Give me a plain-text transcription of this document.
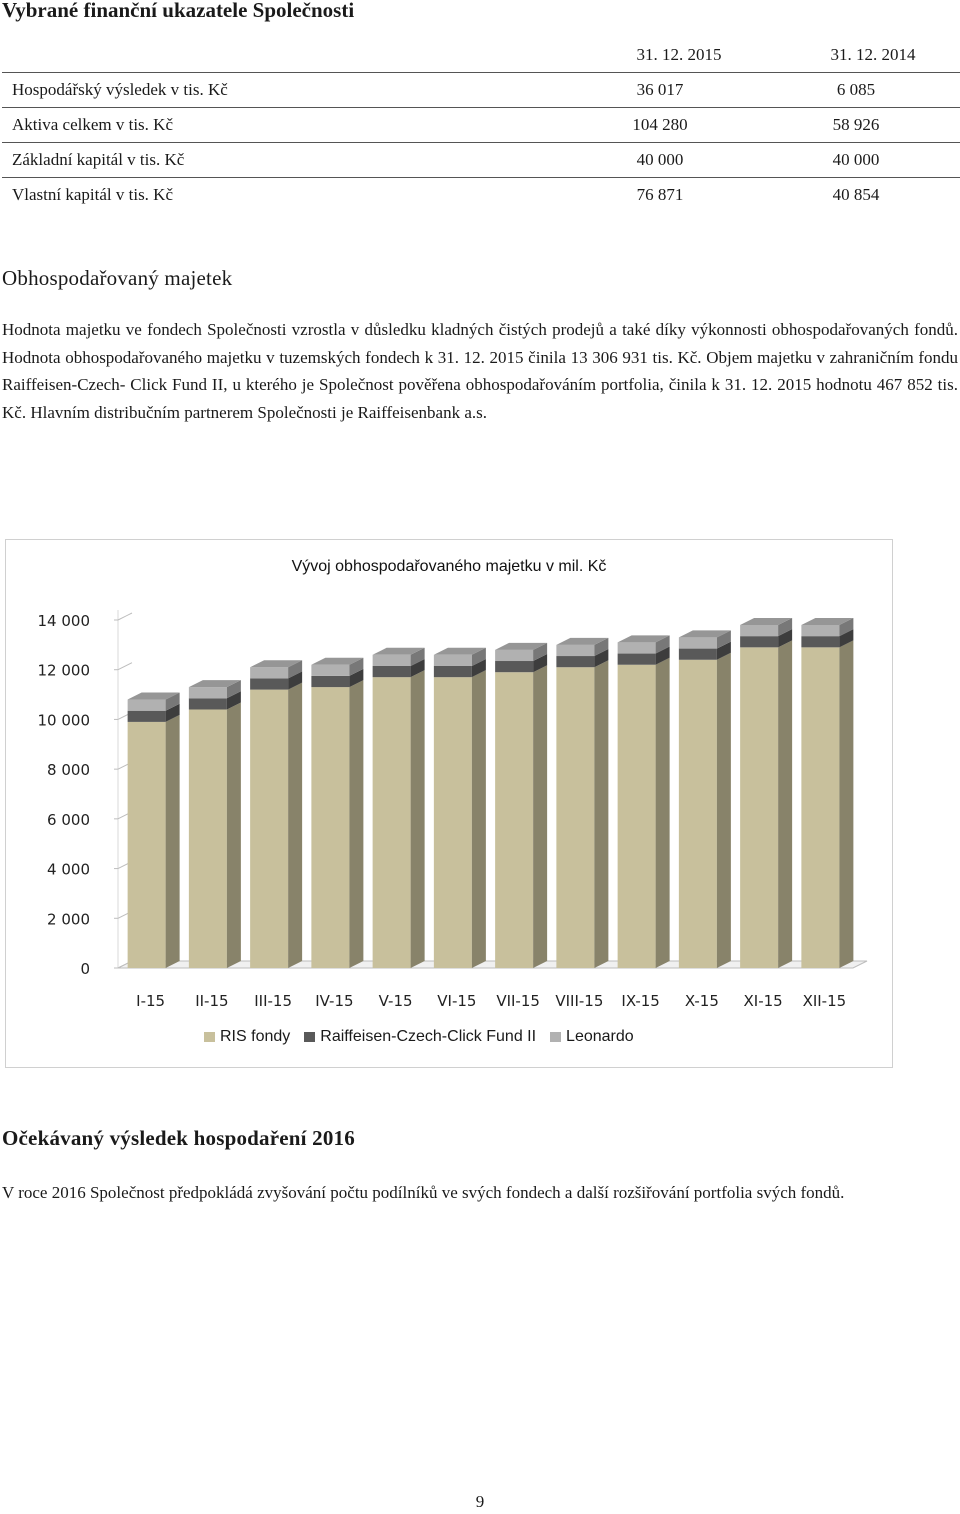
Vybrané finanční ukazatele Společnosti
	31. 12. 2015	31. 12. 2014
Hospodářský výsledek v tis. Kč	36 017	6 085
Aktiva celkem v tis. Kč	104 280	58 926
Základní kapitál v tis. Kč	40 000	40 000
Vlastní kapitál v tis. Kč	76 871	40 854
Obhospodařovaný majetek

Hodnota majetku ve fondech Společnosti vzrostla v důsledku kladných čistých prodejů a také díky výkonnosti obhospodařovaných fondů. Hodnota obhospodařovaného majetku v tuzemských fondech k 31. 12. 2015 činila 13 306 931 tis. Kč. Objem majetku v zahraničním fondu Raiffeisen-Czech- Click Fund II, u kterého je Společnost pověřena obhospodařováním portfolia, činila k 31. 12. 2015 hodnotu 467 852 tis. Kč. Hlavním distribučním partnerem Společnosti je Raiffeisenbank a.s.

Vývoj obhospodařovaného majetku v mil. Kč
0
2 000
4 000
6 000
8 000
10 000
12 000
14 000
I-15 II-15 III-15 IV-15 V-15 VI-15 VII-15 VIII-15 IX-15 X-15 XI-15 XII-15
RIS fondy Raiffeisen-Czech-Click Fund II Leonardo
Očekávaný výsledek hospodaření 2016

V roce 2016 Společnost předpokládá zvyšování počtu podílníků ve svých fondech a další rozšiřování portfolia svých fondů.

9
